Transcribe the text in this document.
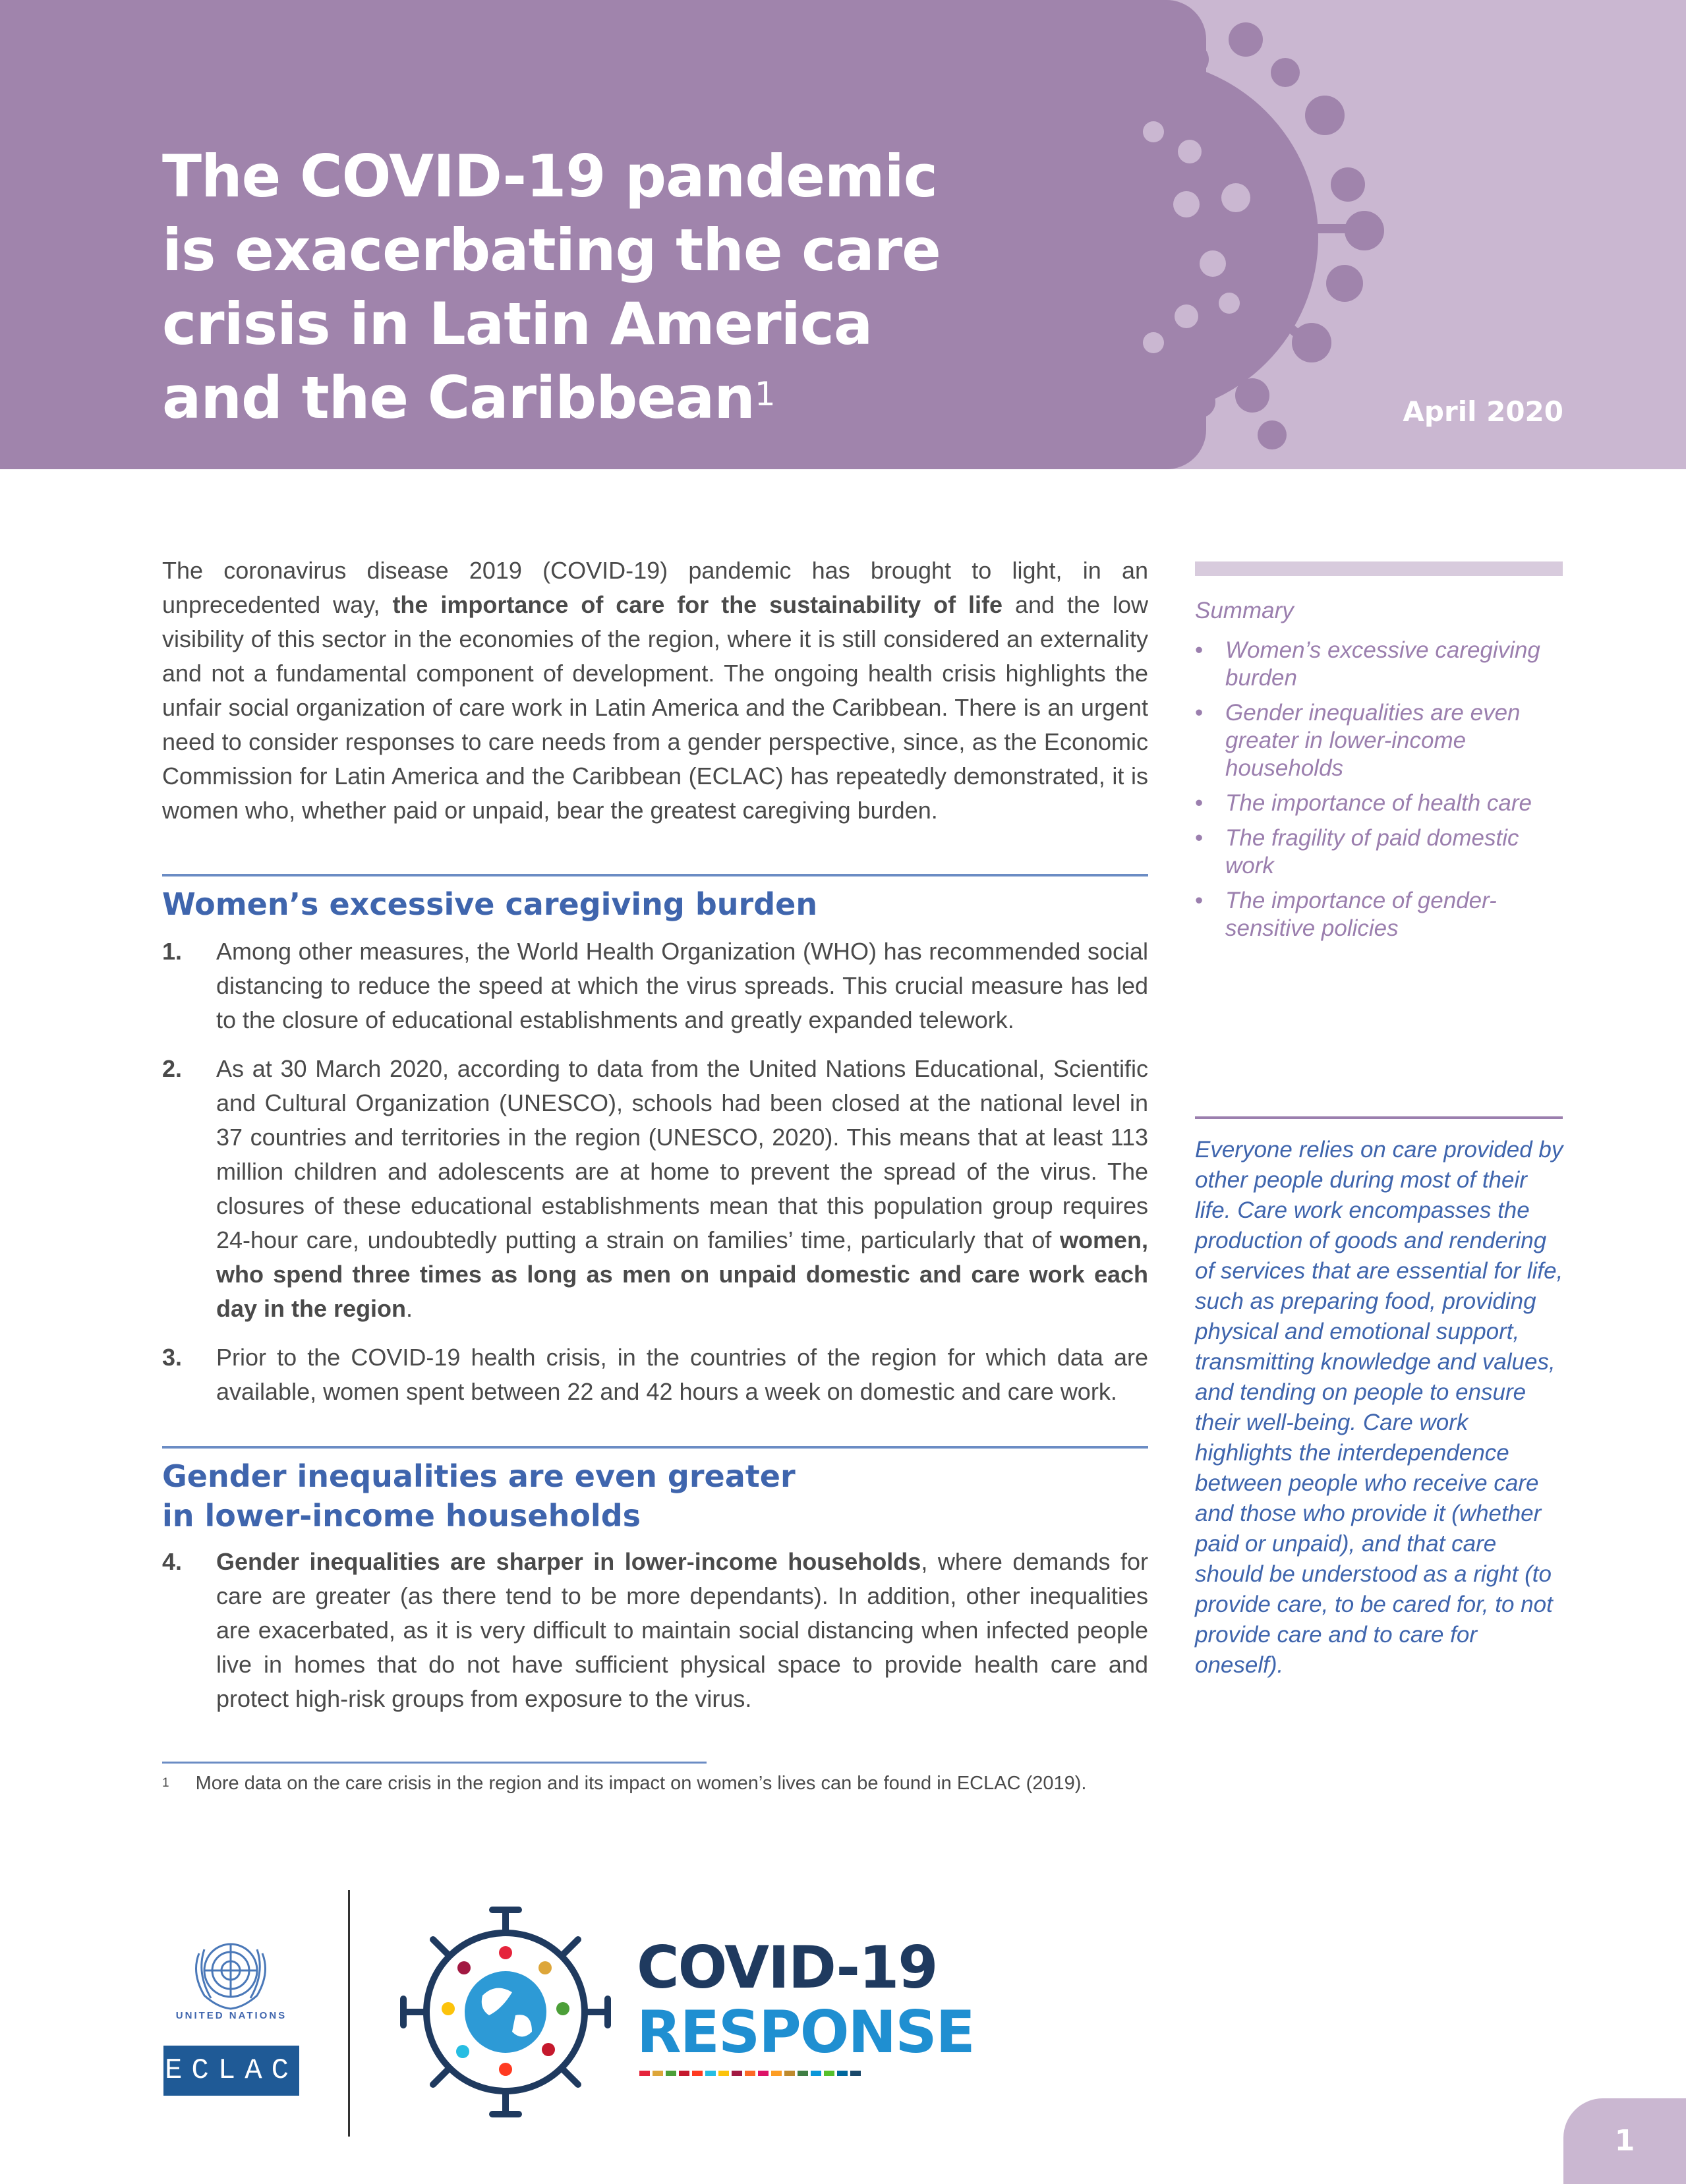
The COVID-19 pandemic
is exacerbating the care
crisis in Latin America
and the Caribbean$^1$	April 2020

The coronavirus disease 2019 (COVID-19) pandemic has brought to light, in an unprecedented way, the importance of care for the sustainability of life and the low visibility of this sector in the economies of the region, where it is still considered an externality and not a fundamental component of development. The ongoing health crisis highlights the unfair social organization of care work in Latin America and the Caribbean. There is an urgent need to consider responses to care needs from a gender perspective, since, as the Economic Commission for Latin America and the Caribbean (ECLAC) has repeatedly demonstrated, it is women who, whether paid or unpaid, bear the greatest caregiving burden.

Women’s excessive caregiving burden
1.	Among other measures, the World Health Organization (WHO) has recommended social distancing to reduce the speed at which the virus spreads. This crucial measure has led to the closure of educational establishments and greatly expanded telework.
2.	As at 30 March 2020, according to data from the United Nations Educational, Scientific and Cultural Organization (UNESCO), schools had been closed at the national level in 37 countries and territories in the region (UNESCO, 2020). This means that at least 113 million children and adolescents are at home to prevent the spread of the virus. The closures of these educational establishments mean that this population group requires 24-hour care, undoubtedly putting a strain on families’ time, particularly that of women, who spend three times as long as men on unpaid domestic and care work each day in the region.
3.	Prior to the COVID-19 health crisis, in the countries of the region for which data are available, women spent between 22 and 42 hours a week on domestic and care work.
Gender inequalities are even greater
in lower-income households
4.	Gender inequalities are sharper in lower-income households, where demands for care are greater (as there tend to be more dependants). In addition, other inequalities are exacerbated, as it is very difficult to maintain social distancing when infected people live in homes that do not have sufficient physical space to provide health care and protect high-risk groups from exposure to the virus.
$^1$ More data on the care crisis in the region and its impact on women’s lives can be found in ECLAC (2019).
Summary
• Women’s excessive caregiving burden
• Gender inequalities are even greater in lower-income households
• The importance of health care
• The fragility of paid domestic work
• The importance of gender-sensitive policies
Everyone relies on care provided by other people during most of their life. Care work encompasses the production of goods and rendering of services that are essential for life, such as preparing food, providing physical and emotional support, transmitting knowledge and values, and tending on people to ensure their well-being. Care work highlights the interdependence between people who receive care and those who provide it (whether paid or unpaid), and that care should be understood as a right (to provide care, to be cared for, to not provide care and to care for oneself).
UNITED NATIONS
ECLAC
COVID-19
RESPONSE
1
